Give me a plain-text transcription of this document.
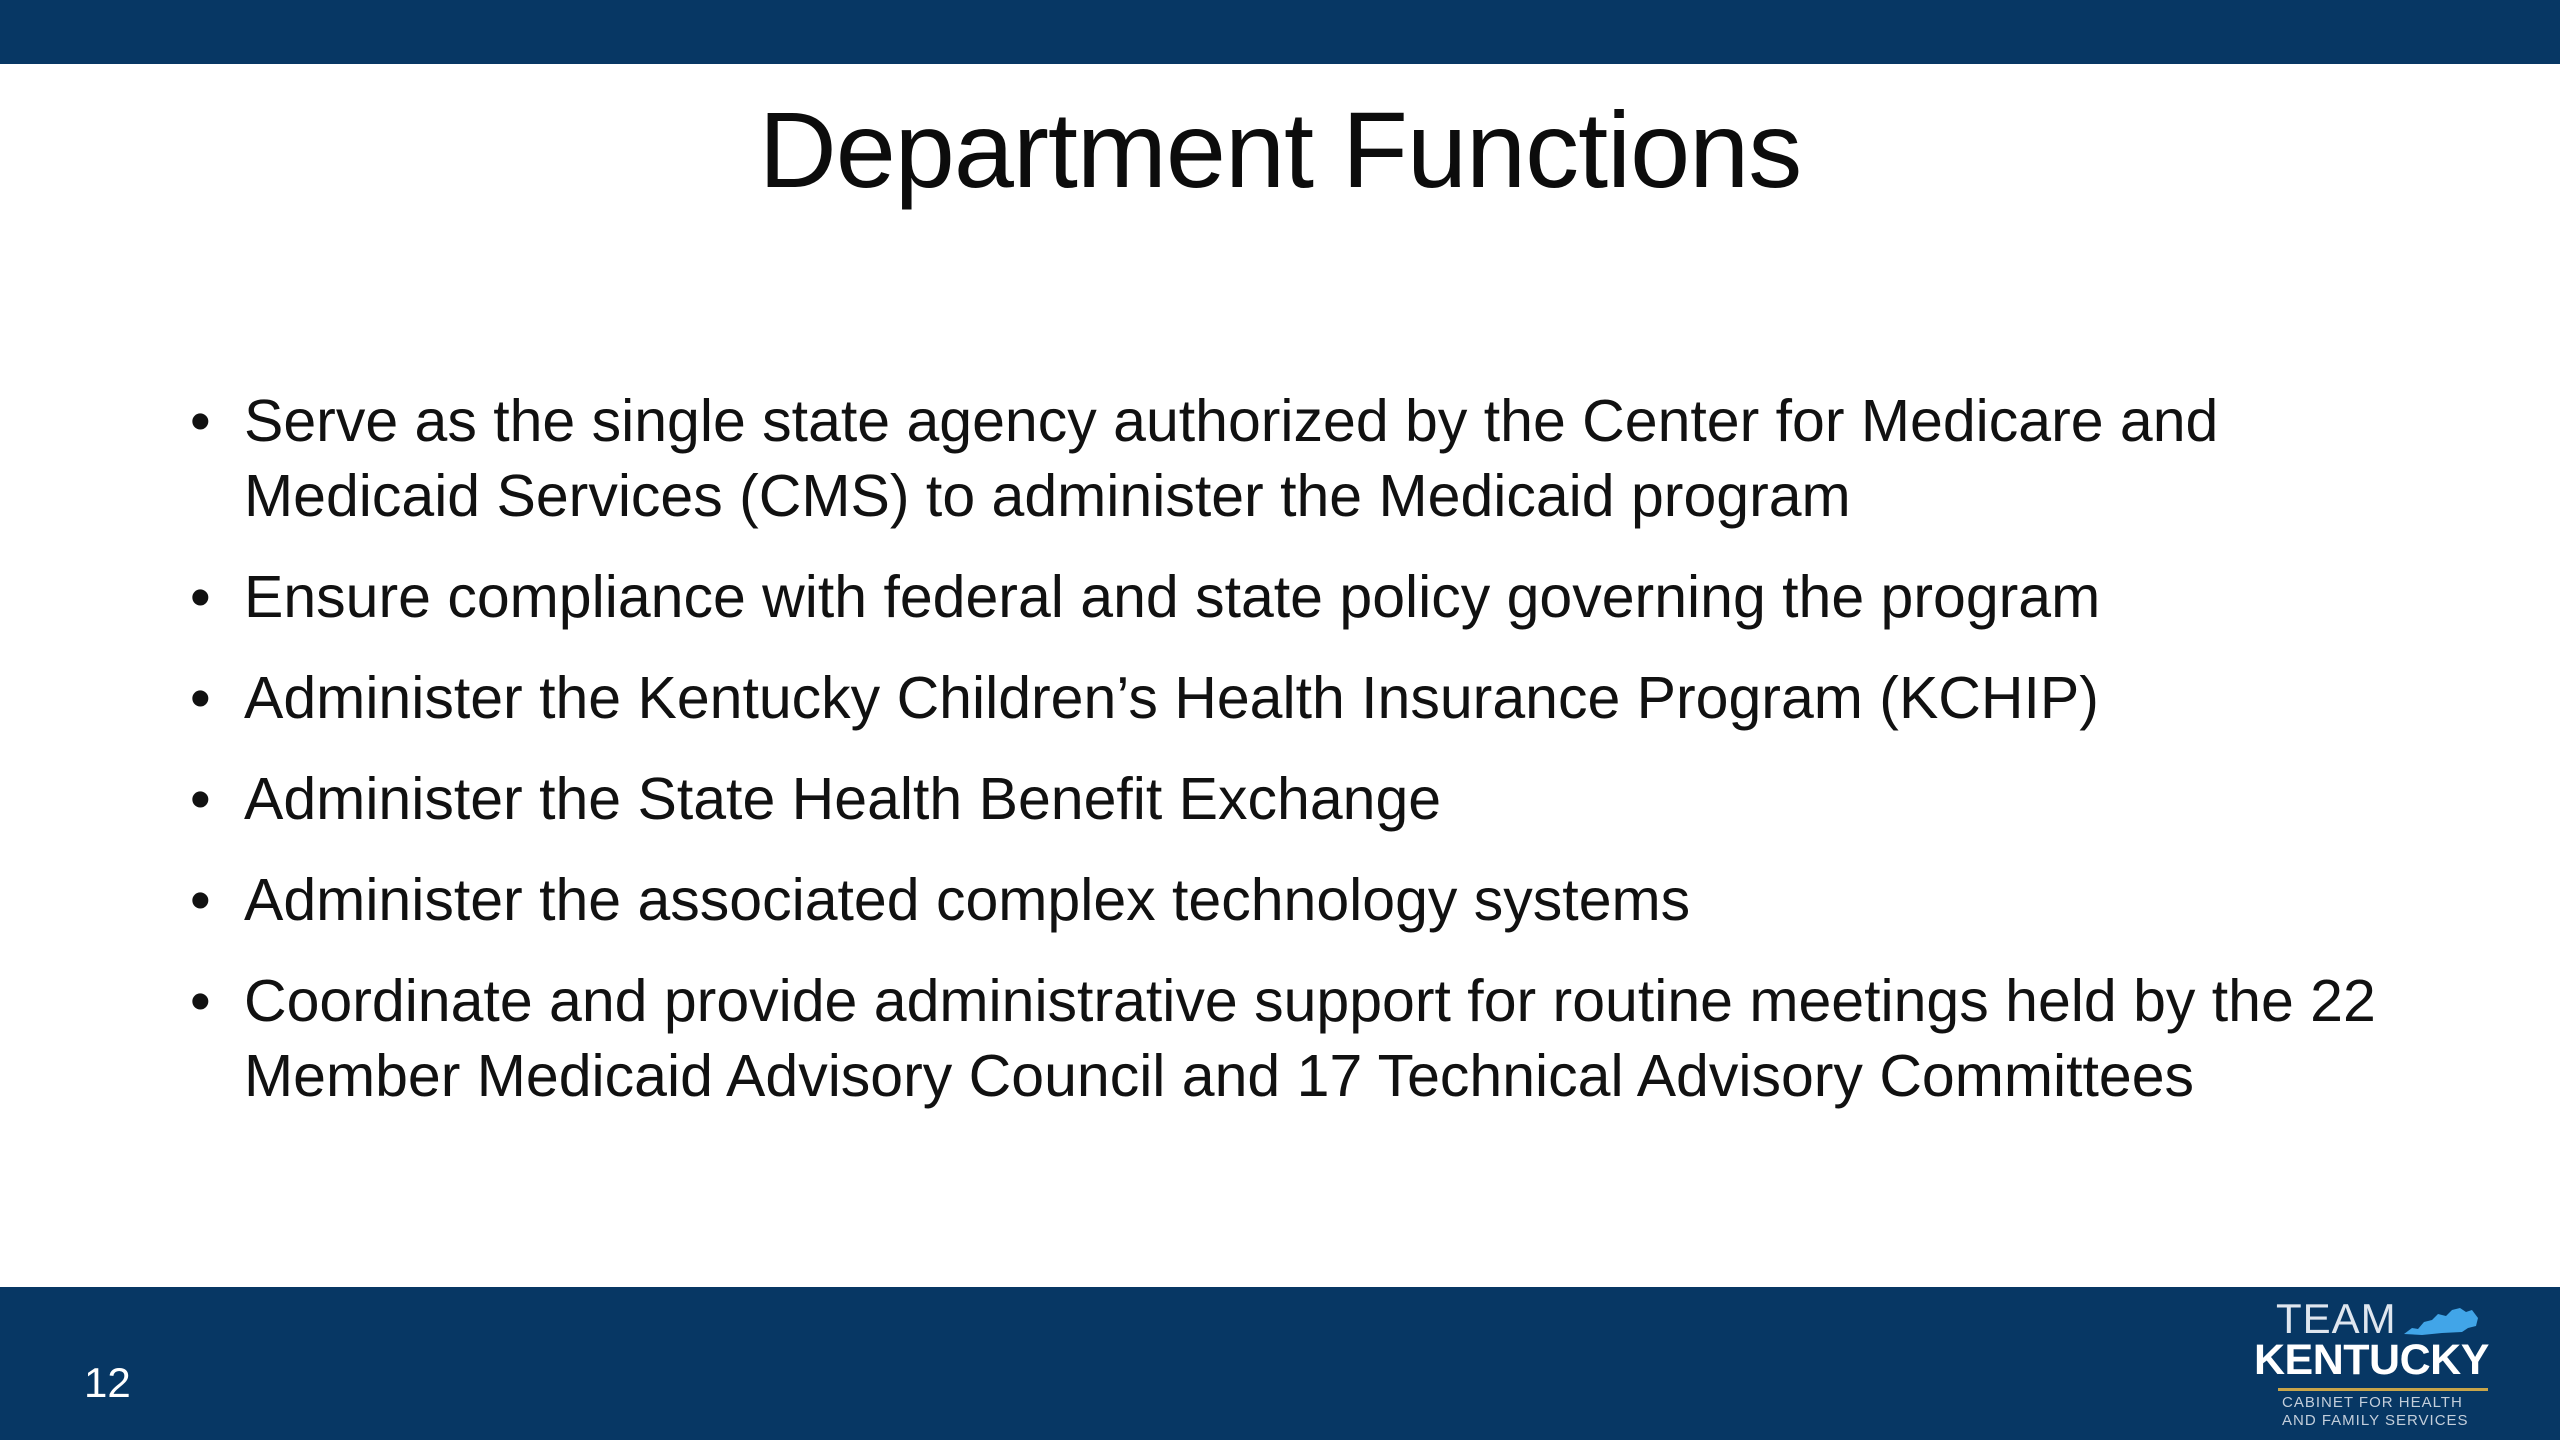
Department Functions
• Serve as the single state agency authorized by the Center for Medicare and Medicaid Services (CMS) to administer the Medicaid program
• Ensure compliance with federal and state policy governing the program
• Administer the Kentucky Children’s Health Insurance Program (KCHIP)
• Administer the State Health Benefit Exchange
• Administer the associated complex technology systems
• Coordinate and provide administrative support for routine meetings held by the 22 Member Medicaid Advisory Council and 17 Technical Advisory Committees
12
TEAM
KENTUCKY
CABINET FOR HEALTH
AND FAMILY SERVICES
